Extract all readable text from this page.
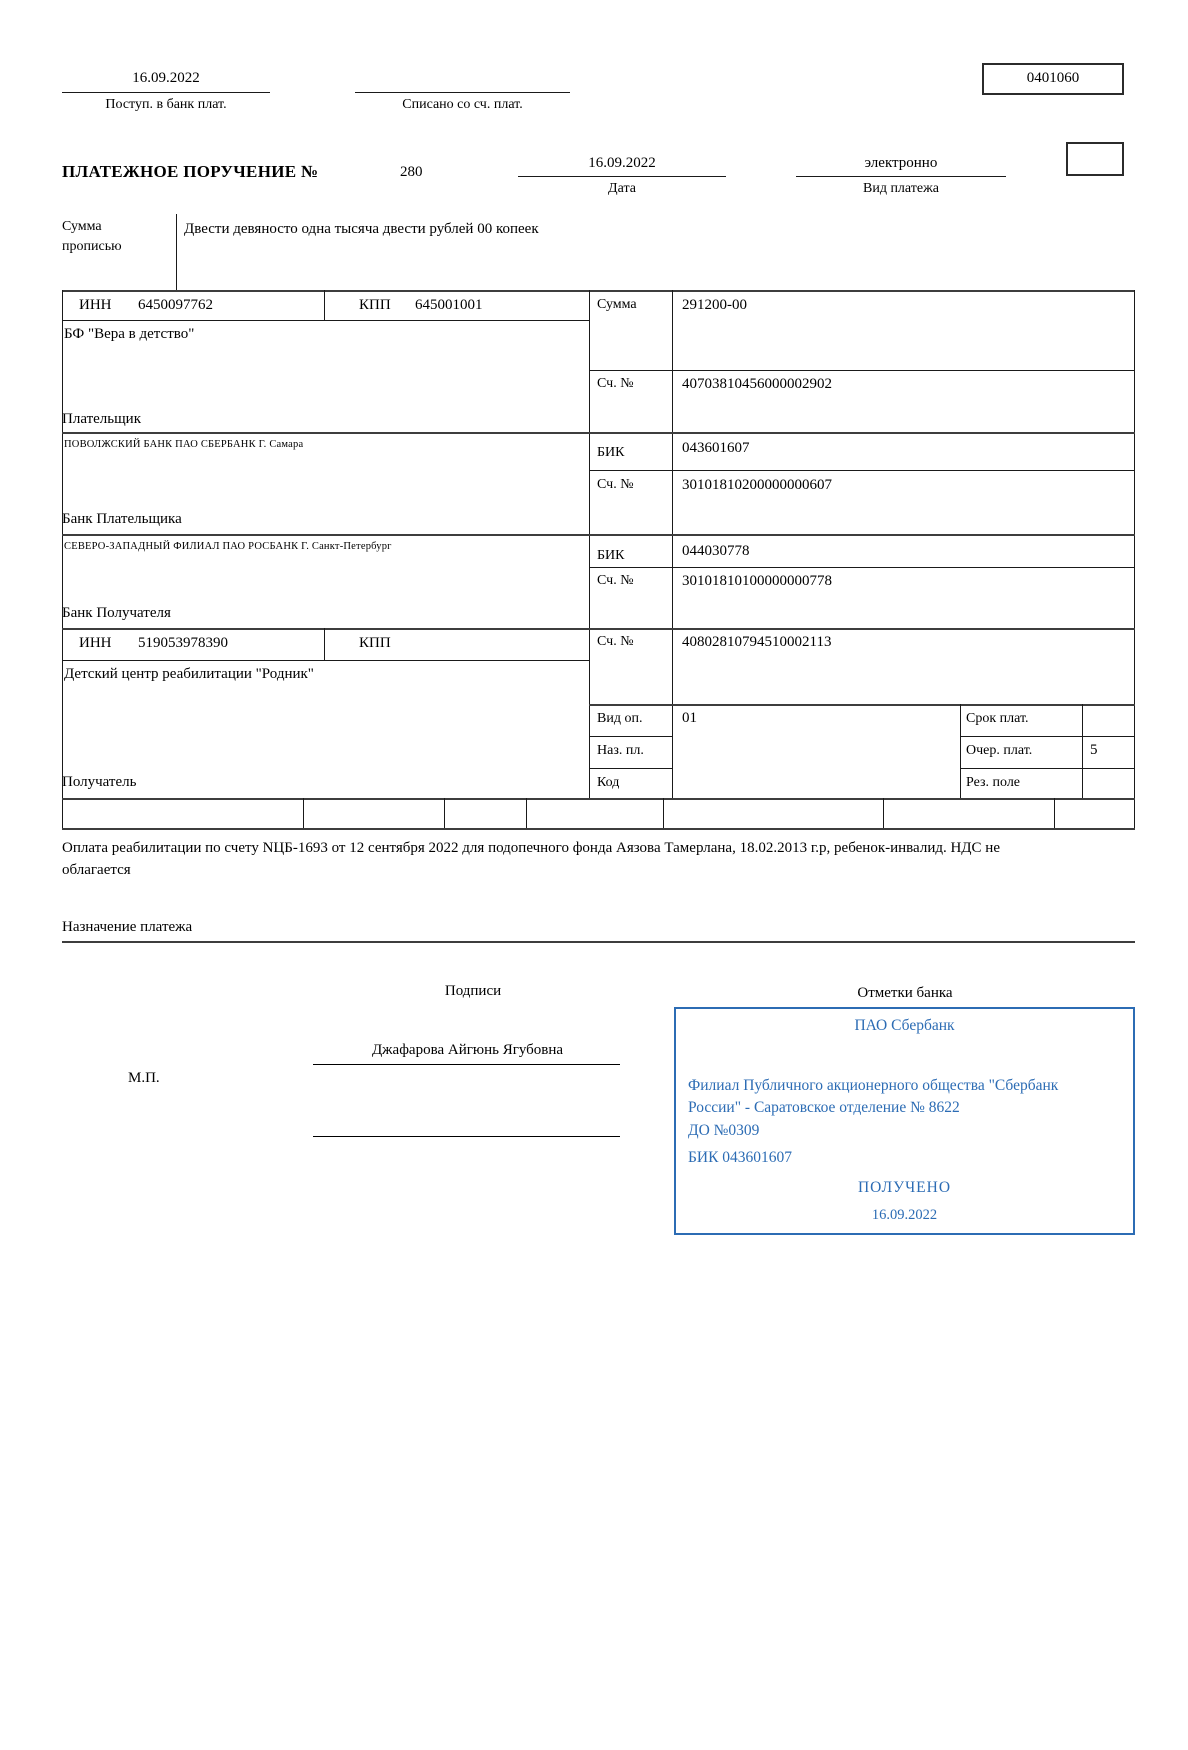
16.09.2022
Поступ. в банк плат.	Списано со сч. плат.
0401060
ПЛАТЕЖНОЕ ПОРУЧЕНИЕ №	280
16.09.2022
Дата
электронно
Вид платежа
Сумма
прописью
Двести девяносто одна тысяча двести рублей 00 копеек
ИНН 6450097762	КПП 645001001	Сумма	291200-00
БФ "Вера в детство"
Сч. №	40703810456000002902
Плательщик
ПОВОЛЖСКИЙ БАНК ПАО СБЕРБАНК Г. Самара
БИК	043601607
Сч. №	30101810200000000607
Банк Плательщика
СЕВЕРО-ЗАПАДНЫЙ ФИЛИАЛ ПАО РОСБАНК Г. Санкт-Петербург
БИК	044030778
Сч. №	30101810100000000778
Банк Получателя
ИНН 519053978390	КПП	Сч. №	40802810794510002113
Детский центр реабилитации "Родник"
Вид оп.	01	Срок плат.
Наз. пл.	Очер. плат.	5
Код	Рез. поле
Получатель
Оплата реабилитации по счету NЦБ-1693 от 12 сентября 2022 для подопечного фонда Аязова Тамерлана, 18.02.2013 г.р, ребенок-инвалид. НДС не облагается
Назначение платежа
Подписи	Отметки банка
Джафарова Айгюнь Ягубовна
М.П.
ПАО Сбербанк
Филиал Публичного акционерного общества "Сбербанк России" - Саратовское отделение № 8622
ДО №0309
БИК 043601607
ПОЛУЧЕНО
16.09.2022
